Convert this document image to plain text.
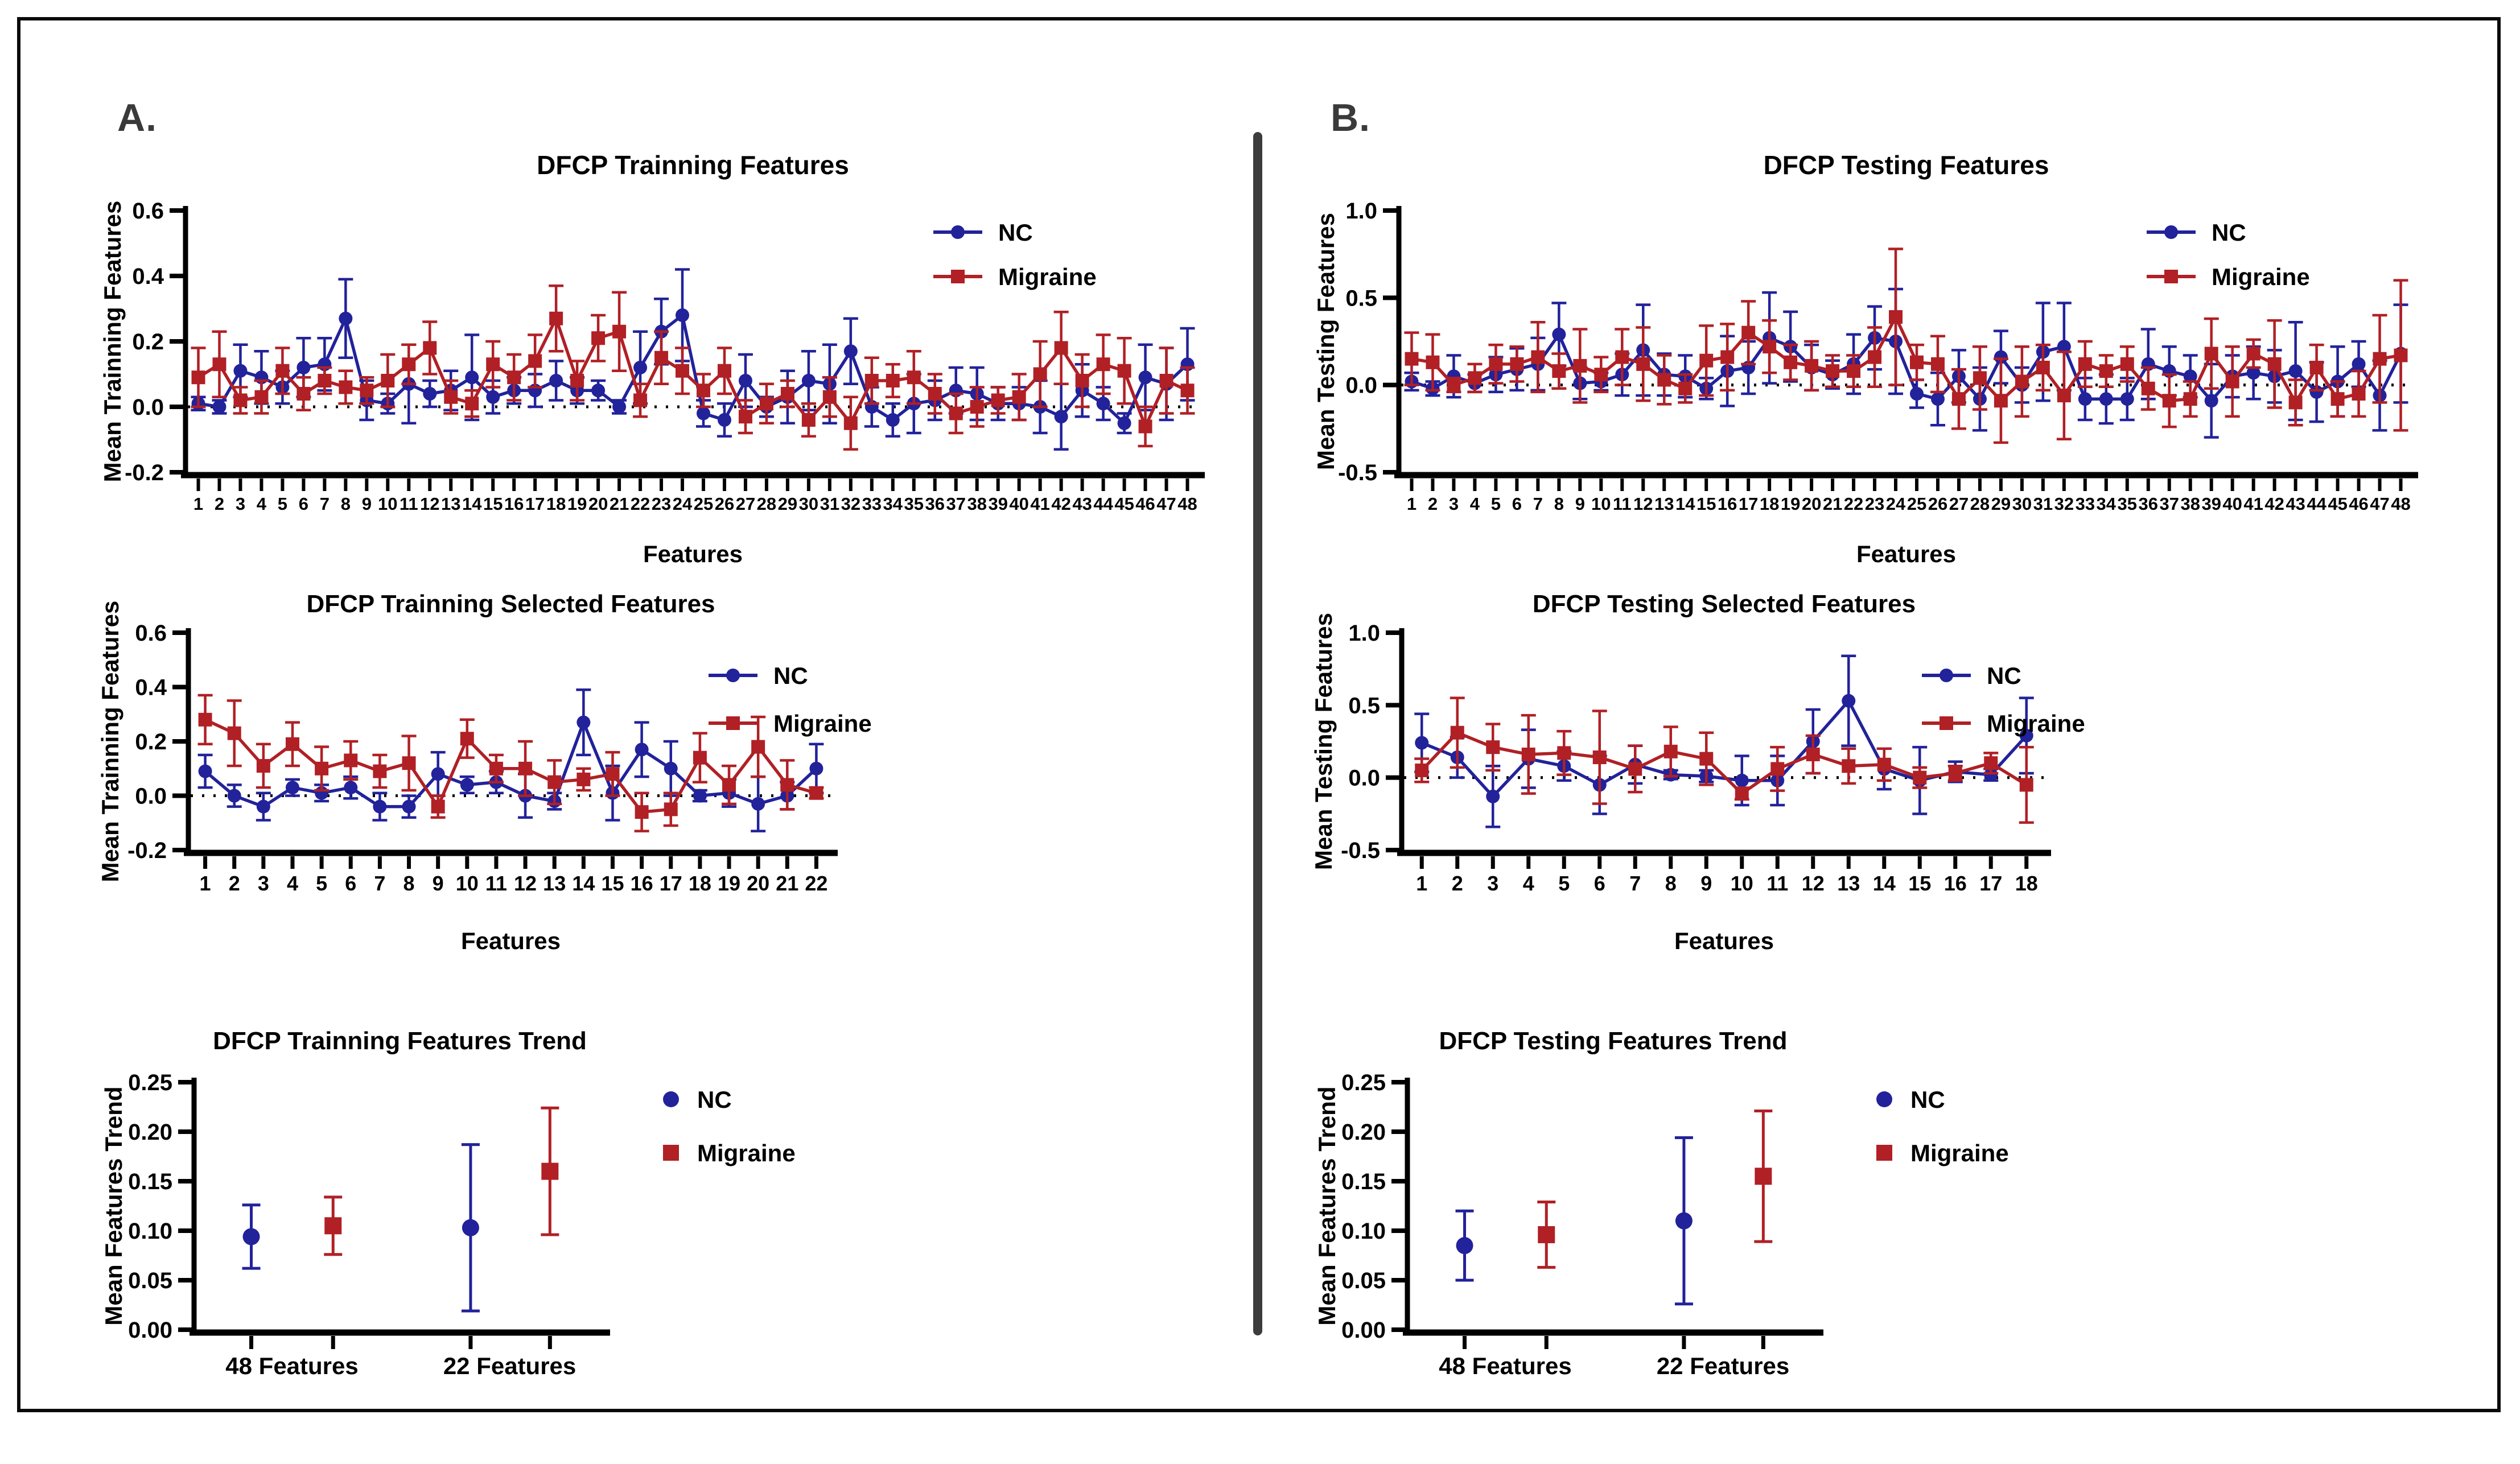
A.	B.
DFCP Trainning Features
Mean Trainning Features
-0.2
0.0
0.2
0.4
0.6
1 2 3 4 5 6 7 8 9 10 11 12 13 14 15 16 17 18 19 20 21 22 23 24 25 26 27 28 29 30 31 32 33 34 35 36 37 38 39 40 41 42 43 44 45 46 47 48
Features
NC
Migraine
DFCP Testing Features
Mean Testing Features
-0.5
0.0
0.5
1.0
1 2 3 4 5 6 7 8 9 10 11 12 13 14 15 16 17 18 19 20 21 22 23 24 25 26 27 28 29 30 31 32 33 34 35 36 37 38 39 40 41 42 43 44 45 46 47 48
Features
NC
Migraine
DFCP Trainning Selected Features
Mean Trainning Features -0.2
0.0
0.2
0.4
0.6
1 2 3 4 5 6 7 8 9 10 11 12 13 14 15 16 17 18 19 20 21 22
Features
NC
Migraine
DFCP Testing Selected Features
Mean Testing Features -0.5
0.0
0.5
1.0
1 2 3 4 5 6 7 8 9 10 11 12 13 14 15 16 17 18
Features
NC
Migraine
DFCP Trainning Features Trend
Mean Features Trend
0.00
0.05
0.10
0.15
0.20
0.25
48 Features	22 Features
NC
Migraine
DFCP Testing Features Trend
Mean Features Trend
0.00
0.05
0.10
0.15
0.20
0.25
48 Features	22 Features
NC
Migraine
